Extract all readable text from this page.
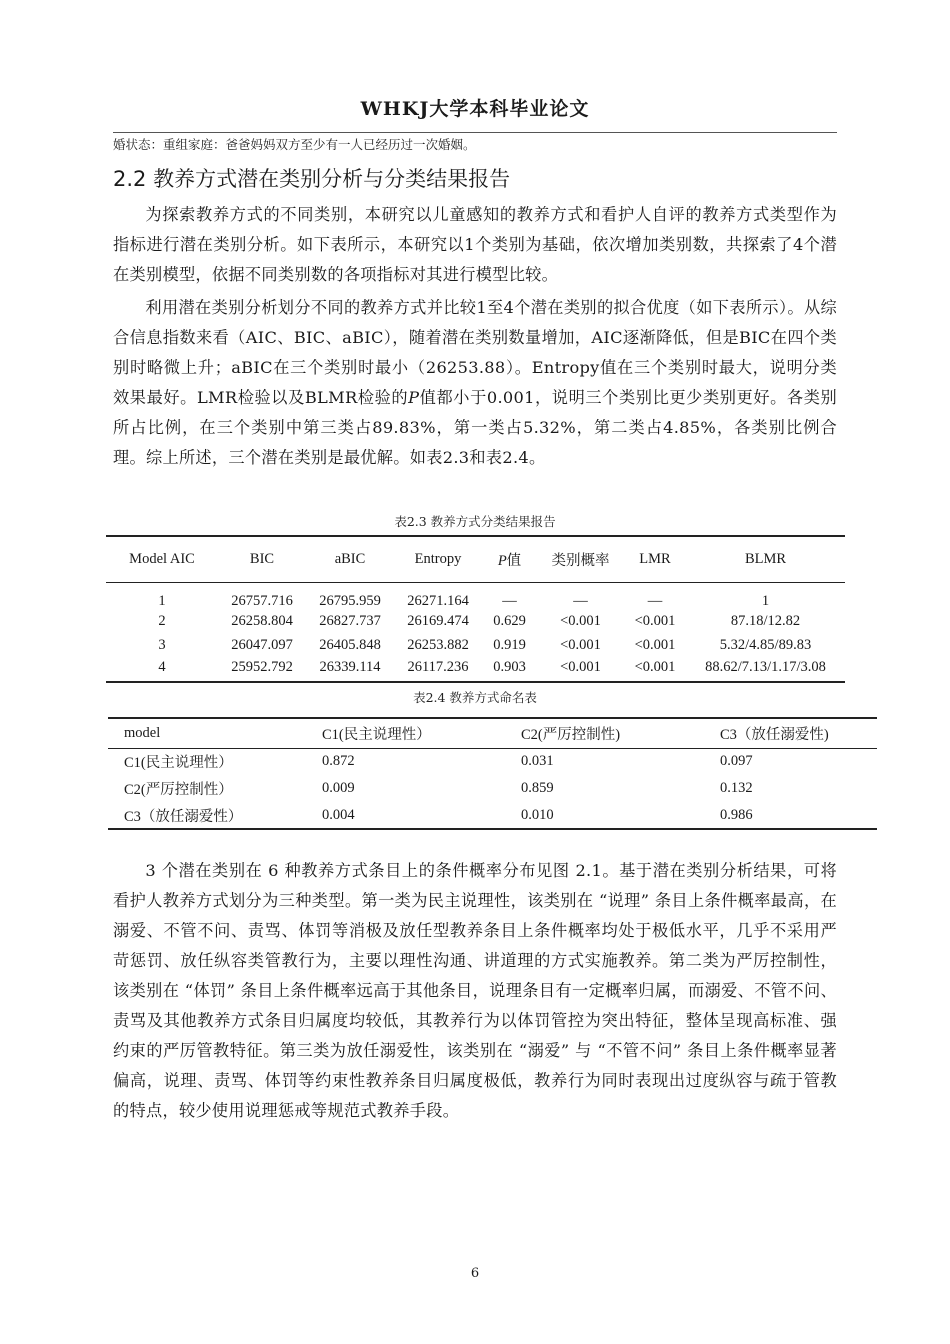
WHKJ大学本科毕业论文
婚状态：重组家庭：爸爸妈妈双方至少有一人已经历过一次婚姻。
2.2 教养方式潜在类别分析与分类结果报告

为探索教养方式的不同类别，本研究以儿童感知的教养方式和看护人自评的教养方式类型作为指标进行潜在类别分析。如下表所示，本研究以1个类别为基础，依次增加类别数，共探索了4个潜在类别模型，依据不同类别数的各项指标对其进行模型比较。

利用潜在类别分析划分不同的教养方式并比较1至4个潜在类别的拟合优度（如下表所示）。从综合信息指数来看（AIC、BIC、aBIC），随着潜在类别数量增加，AIC逐渐降低，但是BIC在四个类别时略微上升；aBIC在三个类别时最小（26253.88）。Entropy值在三个类别时最大，说明分类效果最好。LMR检验以及BLMR检验的P值都小于0.001，说明三个类别比更少类别更好。各类别所占比例，在三个类别中第三类占89.83%，第一类占5.32%，第二类占4.85%，各类别比例合理。综上所述，三个潜在类别是最优解。如表2.3和表2.4。

表2.3 教养方式分类结果报告
Model AIC	BIC	aBIC	Entropy	P值	类别概率	LMR	BLMR
1	26757.716	26795.959	26271.164	—	—	—	1
2	26258.804	26827.737	26169.474	0.629	<0.001	<0.001	87.18/12.82
3	26047.097	26405.848	26253.882	0.919	<0.001	<0.001	5.32/4.85/89.83
4	25952.792	26339.114	26117.236	0.903	<0.001	<0.001	88.62/7.13/1.17/3.08
表2.4 教养方式命名表
model	C1(民主说理性）	C2(严厉控制性)	C3（放任溺爱性)
C1(民主说理性）	0.872	0.031	0.097
C2(严厉控制性）	0.009	0.859	0.132
C3（放任溺爱性）	0.004	0.010	0.986

3 个潜在类别在 6 种教养方式条目上的条件概率分布见图 2.1。基于潜在类别分析结果，可将看护人教养方式划分为三种类型。第一类为民主说理性，该类别在 “说理” 条目上条件概率最高，在溺爱、不管不问、责骂、体罚等消极及放任型教养条目上条件概率均处于极低水平，几乎不采用严苛惩罚、放任纵容类管教行为，主要以理性沟通、讲道理的方式实施教养。第二类为严厉控制性，该类别在 “体罚” 条目上条件概率远高于其他条目，说理条目有一定概率归属，而溺爱、不管不问、责骂及其他教养方式条目归属度均较低，其教养行为以体罚管控为突出特征，整体呈现高标准、强约束的严厉管教特征。第三类为放任溺爱性，该类别在 “溺爱” 与 “不管不问” 条目上条件概率显著偏高，说理、责骂、体罚等约束性教养条目归属度极低，教养行为同时表现出过度纵容与疏于管教的特点，较少使用说理惩戒等规范式教养手段。

6
